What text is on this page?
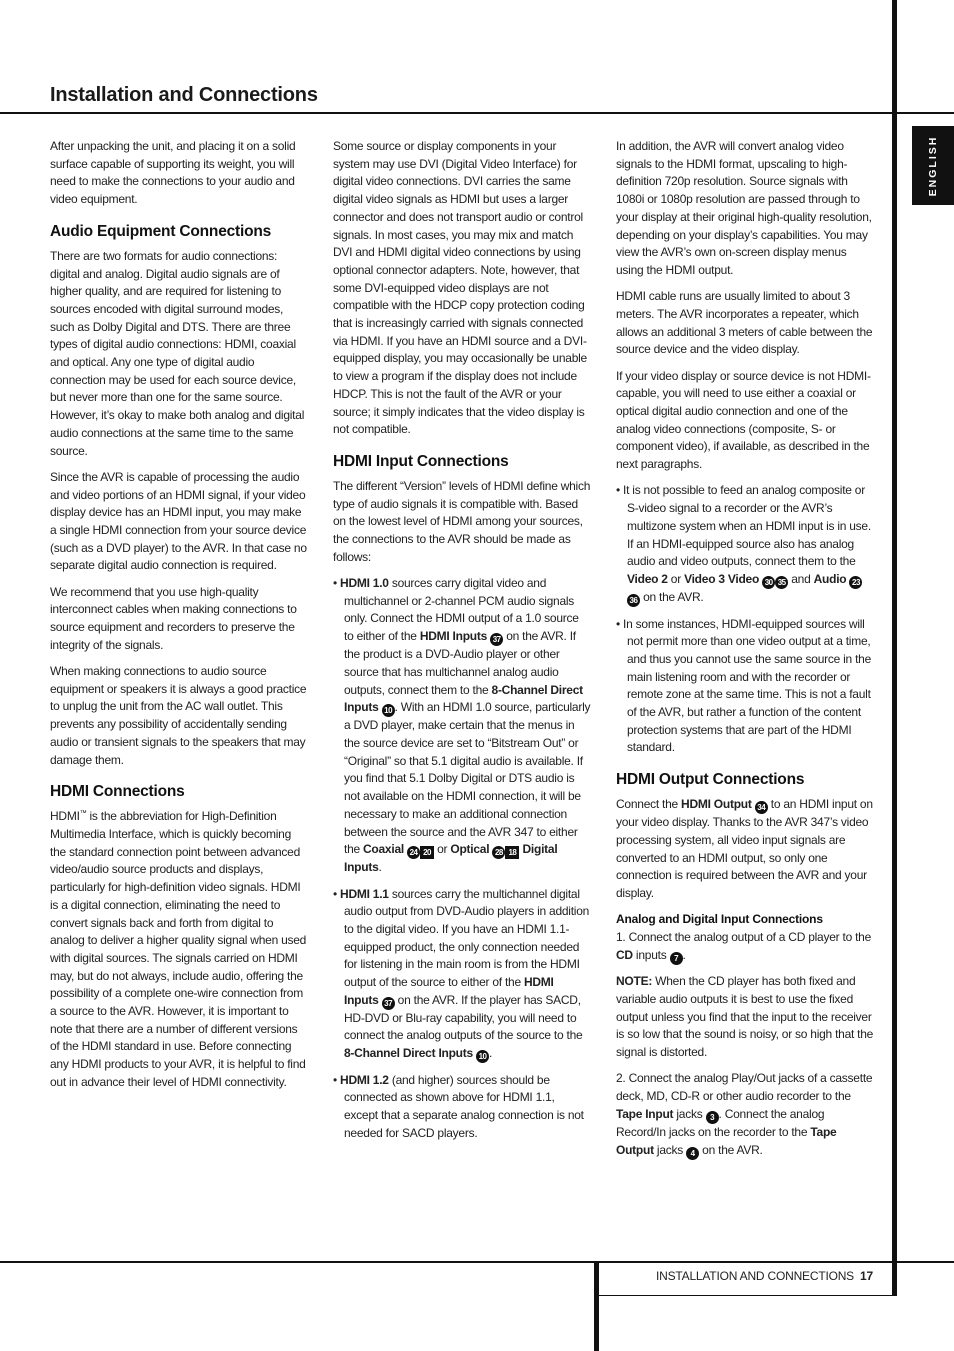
Installation and Connections
ENGLISH

After unpacking the unit, and placing it on a solid surface capable of supporting its weight, you will need to make the connections to your audio and video equipment.

Audio Equipment Connections

There are two formats for audio connections: digital and analog. Digital audio signals are of higher quality, and are required for listening to sources encoded with digital surround modes, such as Dolby Digital and DTS. There are three types of digital audio connections: HDMI, coaxial and optical. Any one type of digital audio connection may be used for each source device, but never more than one for the same source. However, it’s okay to make both analog and digital audio connections at the same time to the same source.

Since the AVR is capable of processing the audio and video portions of an HDMI signal, if your video display device has an HDMI input, you may make a single HDMI connection from your source device (such as a DVD player) to the AVR. In that case no separate digital audio connection is required.

We recommend that you use high-quality interconnect cables when making connections to source equipment and recorders to preserve the integrity of the signals.

When making connections to audio source equipment or speakers it is always a good practice to unplug the unit from the AC wall outlet. This prevents any possibility of accidentally sending audio or transient signals to the speakers that may damage them.

HDMI Connections

HDMI™ is the abbreviation for High-Definition Multimedia Interface, which is quickly becoming the standard connection point between advanced video/audio source products and displays, particularly for high-definition video signals. HDMI is a digital connection, eliminating the need to convert signals back and forth from digital to analog to deliver a higher quality signal when used with digital sources. The signals carried on HDMI may, but do not always, include audio, offering the possibility of a complete one-wire connection from a source to the AVR. However, it is important to note that there are a number of different versions of the HDMI standard in use. Before connecting any HDMI products to your AVR, it is helpful to find out in advance their level of HDMI connectivity.

Some source or display components in your system may use DVI (Digital Video Interface) for digital video connections. DVI carries the same digital video signals as HDMI but uses a larger connector and does not transport audio or control signals. In most cases, you may mix and match DVI and HDMI digital video connections by using optional connector adapters. Note, however, that some DVI-equipped video displays are not compatible with the HDCP copy protection coding that is increasingly carried with signals connected via HDMI. If you have an HDMI source and a DVI-equipped display, you may occasionally be unable to view a program if the display does not include HDCP. This is not the fault of the AVR or your source; it simply indicates that the video display is not compatible.

HDMI Input Connections

The different “Version” levels of HDMI define which type of audio signals it is compatible with. Based on the lowest level of HDMI among your sources, the connections to the AVR should be made as follows:

• HDMI 1.0 sources carry digital video and multichannel or 2-channel PCM audio signals only. Connect the HDMI output of a 1.0 source to either of the HDMI Inputs 37 on the AVR. If the product is a DVD-Audio player or other source that has multichannel analog audio outputs, connect them to the 8-Channel Direct Inputs 10 . With an HDMI 1.0 source, particularly a DVD player, make certain that the menus in the source device are set to “Bitstream Out” or “Original” so that 5.1 digital audio is available. If you find that 5.1 Dolby Digital or DTS audio is not available on the HDMI connection, it will be necessary to make an additional connection between the source and the AVR 347 to either the Coaxial 24 20 or Optical 28 18 Digital Inputs.

• HDMI 1.1 sources carry the multichannel digital audio output from DVD-Audio players in addition to the digital video. If you have an HDMI 1.1-equipped product, the only connection needed for listening in the main room is from the HDMI output of the source to either of the HDMI Inputs 37 on the AVR. If the player has SACD, HD-DVD or Blu-ray capability, you will need to connect the analog outputs of the source to the 8-Channel Direct Inputs 10 .

• HDMI 1.2 (and higher) sources should be connected as shown above for HDMI 1.1, except that a separate analog connection is not needed for SACD players.

In addition, the AVR will convert analog video signals to the HDMI format, upscaling to high-definition 720p resolution. Source signals with 1080i or 1080p resolution are passed through to your display at their original high-quality resolution, depending on your display’s capabilities. You may view the AVR’s own on-screen display menus using the HDMI output.

HDMI cable runs are usually limited to about 3 meters. The AVR incorporates a repeater, which allows an additional 3 meters of cable between the source device and the video display.

If your video display or source device is not HDMI-capable, you will need to use either a coaxial or optical digital audio connection and one of the analog video connections (composite, S- or component video), if available, as described in the next paragraphs.

• It is not possible to feed an analog composite or S-video signal to a recorder or the AVR’s multizone system when an HDMI input is in use. If an HDMI-equipped source also has analog audio and video outputs, connect them to the Video 2 or Video 3 Video 30 35 and Audio 2336 on the AVR.

• In some instances, HDMI-equipped sources will not permit more than one video output at a time, and thus you cannot use the same source in the main listening room and with the recorder or remote zone at the same time. This is not a fault of the AVR, but rather a function of the content protection systems that are part of the HDMI standard.

HDMI Output Connections

Connect the HDMI Output 34 to an HDMI input on your video display. Thanks to the AVR 347’s video processing system, all video input signals are converted to an HDMI output, so only one connection is required between the AVR and your display.

Analog and Digital Input Connections

1. Connect the analog output of a CD player to the CD inputs 7 .

NOTE: When the CD player has both fixed and variable audio outputs it is best to use the fixed output unless you find that the input to the receiver is so low that the sound is noisy, or so high that the signal is distorted.

2. Connect the analog Play/Out jacks of a cassette deck, MD, CD-R or other audio recorder to the Tape Input jacks 3 . Connect the analog Record/In jacks on the recorder to the Tape Output jacks 4 on the AVR.

INSTALLATION AND CONNECTIONS 17
